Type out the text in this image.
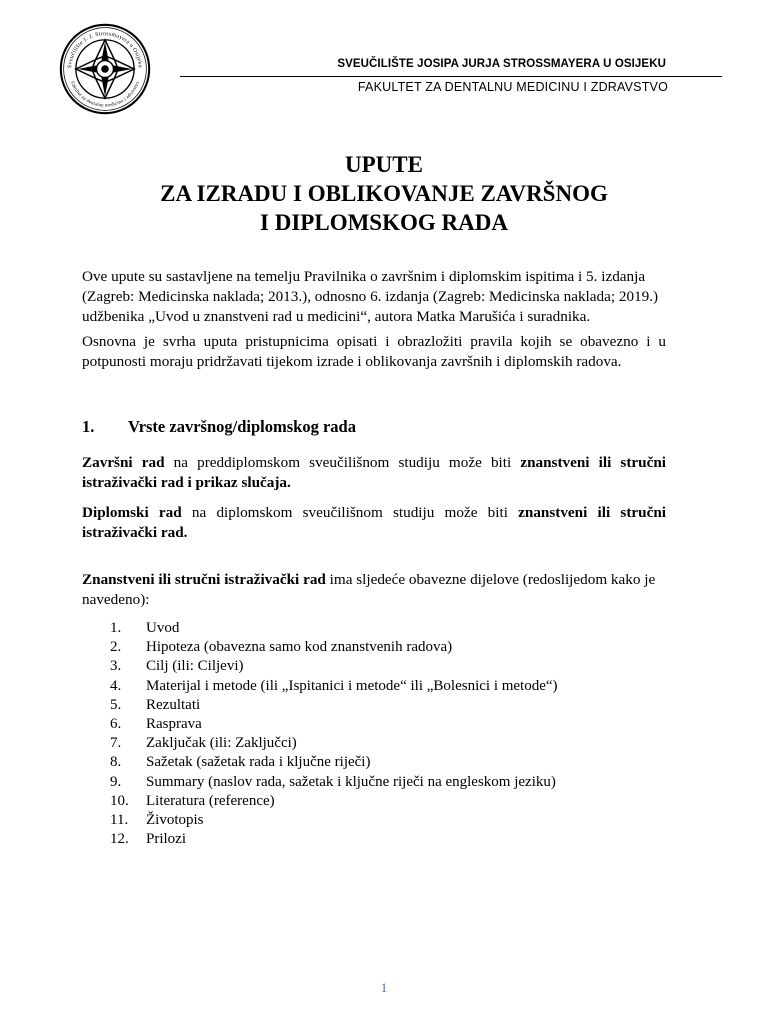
Sveučilište J. J. Strossmayera u Osijeku
Fakultet za dentalnu medicinu i zdravstvo
SVEUČILIŠTE JOSIPA JURJA STROSSMAYERA U OSIJEKU
FAKULTET ZA DENTALNU MEDICINU I ZDRAVSTVO
UPUTE
ZA IZRADU I OBLIKOVANJE ZAVRŠNOG
I DIPLOMSKOG RADA
Ove upute su sastavljene na temelju Pravilnika o završnim i diplomskim ispitima i 5. izdanja (Zagreb: Medicinska naklada; 2013.), odnosno 6. izdanja (Zagreb: Medicinska naklada; 2019.) udžbenika „Uvod u znanstveni rad u medicini“, autora Matka Marušića i suradnika.
Osnovna je svrha uputa pristupnicima opisati i obrazložiti pravila kojih se obavezno i u potpunosti moraju pridržavati tijekom izrade i oblikovanja završnih i diplomskih radova.
1. Vrste završnog/diplomskog rada
Završni rad na preddiplomskom sveučilišnom studiju može biti znanstveni ili stručni istraživački rad i prikaz slučaja.
Diplomski rad na diplomskom sveučilišnom studiju može biti znanstveni ili stručni istraživački rad.
Znanstveni ili stručni istraživački rad ima sljedeće obavezne dijelove (redoslijedom kako je navedeno):
1. Uvod
2. Hipoteza (obavezna samo kod znanstvenih radova)
3. Cilj (ili: Ciljevi)
4. Materijal i metode (ili „Ispitanici i metode“ ili „Bolesnici i metode“)
5. Rezultati
6. Rasprava
7. Zaključak (ili: Zaključci)
8. Sažetak (sažetak rada i ključne riječi)
9. Summary (naslov rada, sažetak i ključne riječi na engleskom jeziku)
10. Literatura (reference)
11. Životopis
12. Prilozi
1
